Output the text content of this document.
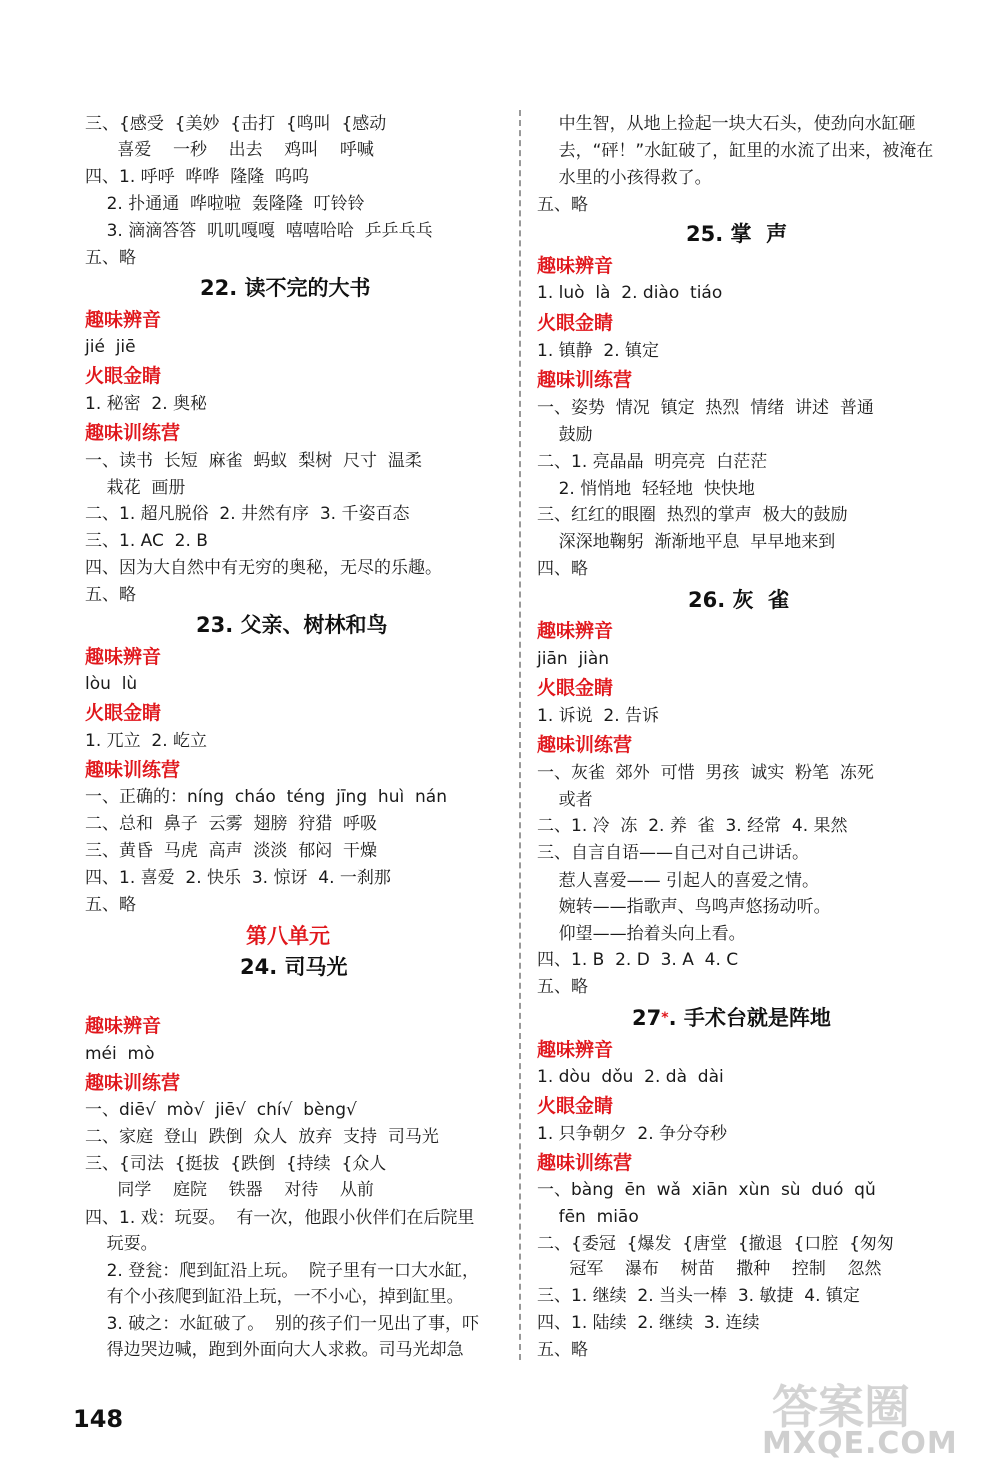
三、{感受  {美妙  {击打  {鸣叫  {感动
喜爱    一秒    出去    鸡叫    呼喊
四、1. 呼呼  哗哗  隆隆  呜呜
2. 扑通通  哗啦啦  轰隆隆  叮铃铃
3. 滴滴答答  叽叽嘎嘎  嘻嘻哈哈  乒乒乓乓
五、略
22. 读不完的大书
趣味辨音
jié  jiē
火眼金睛
1. 秘密  2. 奥秘
趣味训练营
一、读书  长短  麻雀  蚂蚁  梨树  尺寸  温柔
栽花  画册
二、1. 超凡脱俗  2. 井然有序  3. 千姿百态
三、1. AC  2. B
四、因为大自然中有无穷的奥秘，无尽的乐趣。
五、略
23. 父亲、树林和鸟
趣味辨音
lòu  lù
火眼金睛
1. 兀立  2. 屹立
趣味训练营
一、正确的：níng  cháo  téng  jīng  huì  nán
二、总和  鼻子  云雾  翅膀  狩猎  呼吸
三、黄昏  马虎  高声  淡淡  郁闷  干燥
四、1. 喜爱  2. 快乐  3. 惊讶  4. 一刹那
五、略
第八单元
24. 司马光
趣味辨音
méi  mò
趣味训练营
一、diē√  mò√  jiē√  chí√  bèng√
二、家庭  登山  跌倒  众人  放弃  支持  司马光
三、{司法  {挺拔  {跌倒  {持续  {众人
同学    庭院    铁器    对待    从前
四、1. 戏：玩耍。  有一次，他跟小伙伴们在后院里
玩耍。
2. 登瓮：爬到缸沿上玩。  院子里有一口大水缸，
有个小孩爬到缸沿上玩，一不小心，掉到缸里。
3. 破之：水缸破了。  别的孩子们一见出了事，吓
得边哭边喊，跑到外面向大人求救。司马光却急
中生智，从地上捡起一块大石头，使劲向水缸砸
去，“砰！”水缸破了，缸里的水流了出来，被淹在
水里的小孩得救了。
五、略
25. 掌  声
趣味辨音
1. luò  là  2. diào  tiáo
火眼金睛
1. 镇静  2. 镇定
趣味训练营
一、姿势  情况  镇定  热烈  情绪  讲述  普通
鼓励
二、1. 亮晶晶  明亮亮  白茫茫
2. 悄悄地  轻轻地  快快地
三、红红的眼圈  热烈的掌声  极大的鼓励
深深地鞠躬  渐渐地平息  早早地来到
四、略
26. 灰  雀
趣味辨音
jiān  jiàn
火眼金睛
1. 诉说  2. 告诉
趣味训练营
一、灰雀  郊外  可惜  男孩  诚实  粉笔  冻死
或者
二、1. 冷  冻  2. 养  雀  3. 经常  4. 果然
三、自言自语——自己对自己讲话。
惹人喜爱—— 引起人的喜爱之情。
婉转——指歌声、鸟鸣声悠扬动听。
仰望——抬着头向上看。
四、1. B  2. D  3. A  4. C
五、略
27*. 手术台就是阵地
趣味辨音
1. dòu  dǒu  2. dà  dài
火眼金睛
1. 只争朝夕  2. 争分夺秒
趣味训练营
一、bàng  ēn  wǎ  xiān  xùn  sù  duó  qǔ
fēn  miāo
二、{委冠  {爆发  {唐堂  {撤退  {口腔  {匆匆
冠军    瀑布    树苗    撒种    控制    忽然
三、1. 继续  2. 当头一棒  3. 敏捷  4. 镇定
四、1. 陆续  2. 继续  3. 连续
五、略
148	答案圈
MXQE.COM
